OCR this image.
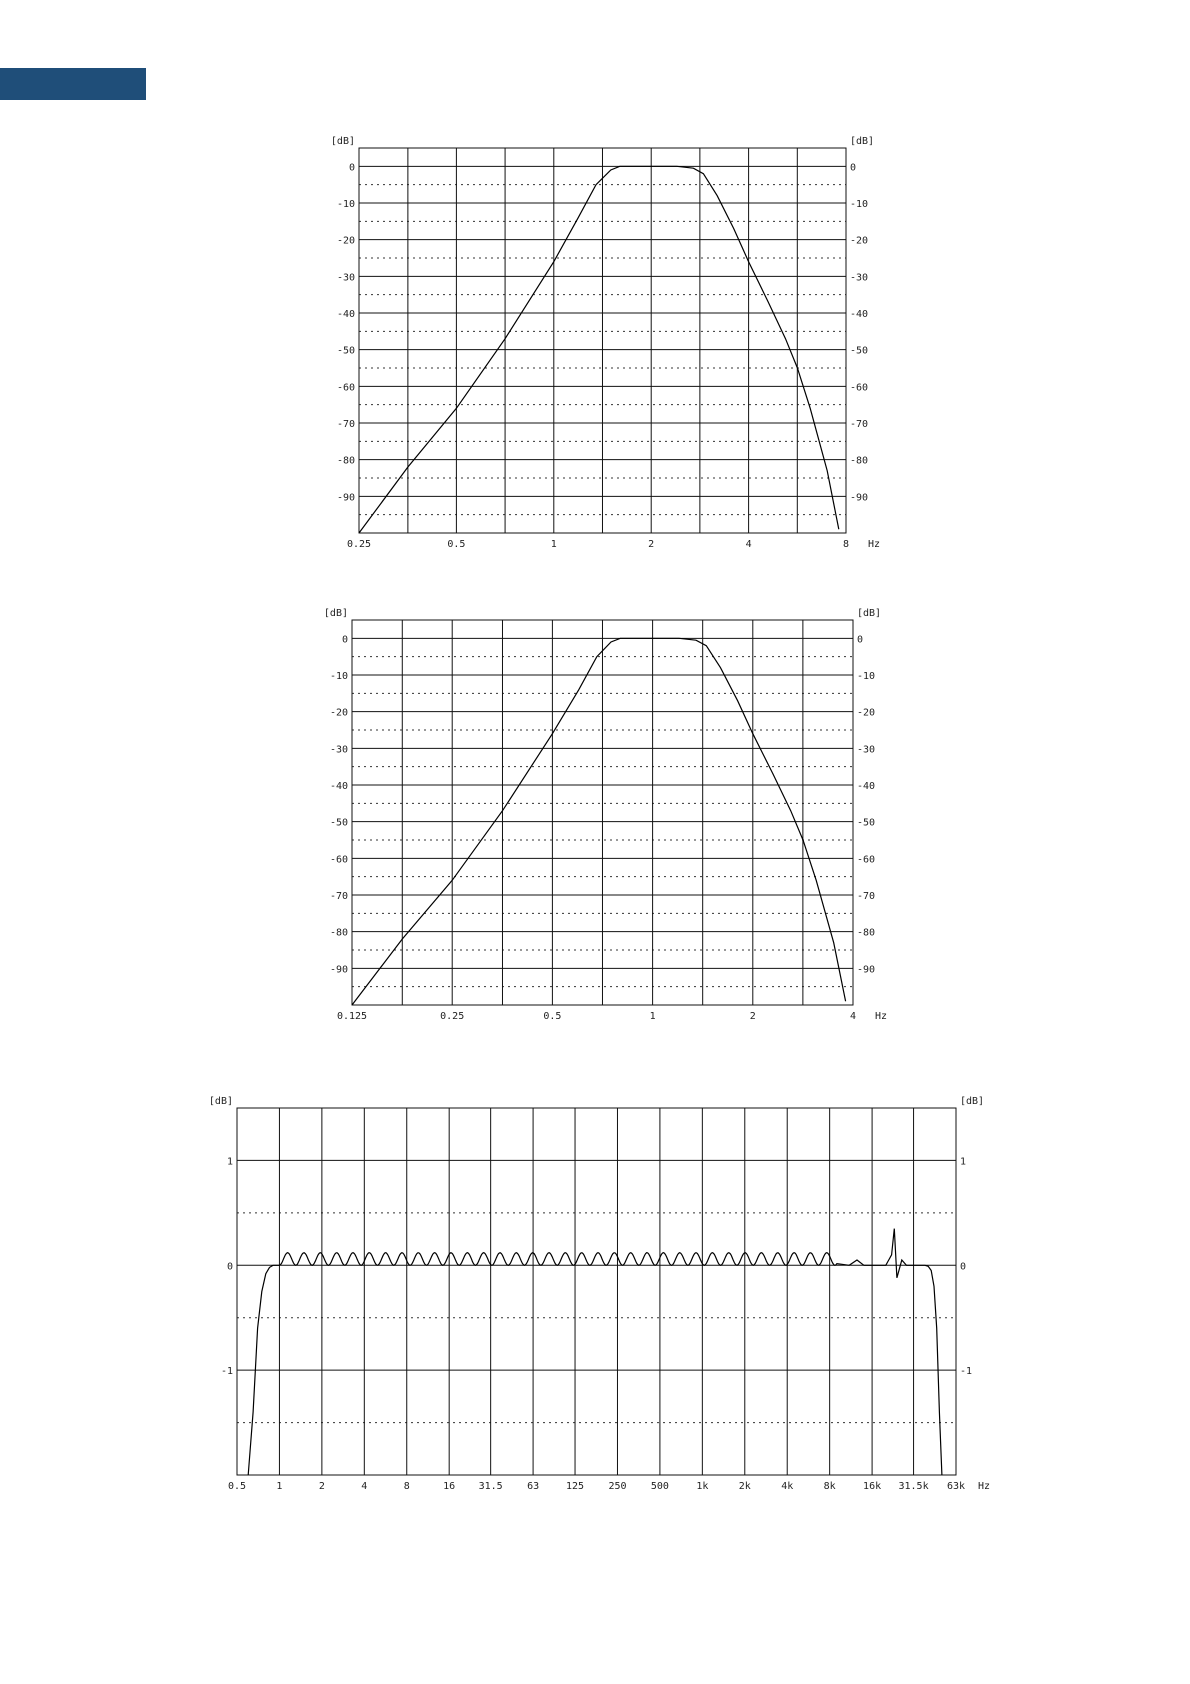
0	0
-10	-10
-20	-20
-30	-30
-40	-40
-50	-50
-60	-60
-70	-70
-80	-80
-90	-90
[dB]	[dB]
0.25	0.5	1	2	4	8 Hz
0	0
-10	-10
-20	-20
-30	-30
-40	-40
-50	-50
-60	-60
-70	-70
-80	-80
-90	-90
[dB]	[dB]
0.125	0.25	0.5	1	2	4 Hz
1	1
0	0
-1	-1
[dB]	[dB]
0.5	1	2	4	8	16 31.5 63	125 250 500	1k	2k	4k	8k	16k 31.5k 63k Hz
